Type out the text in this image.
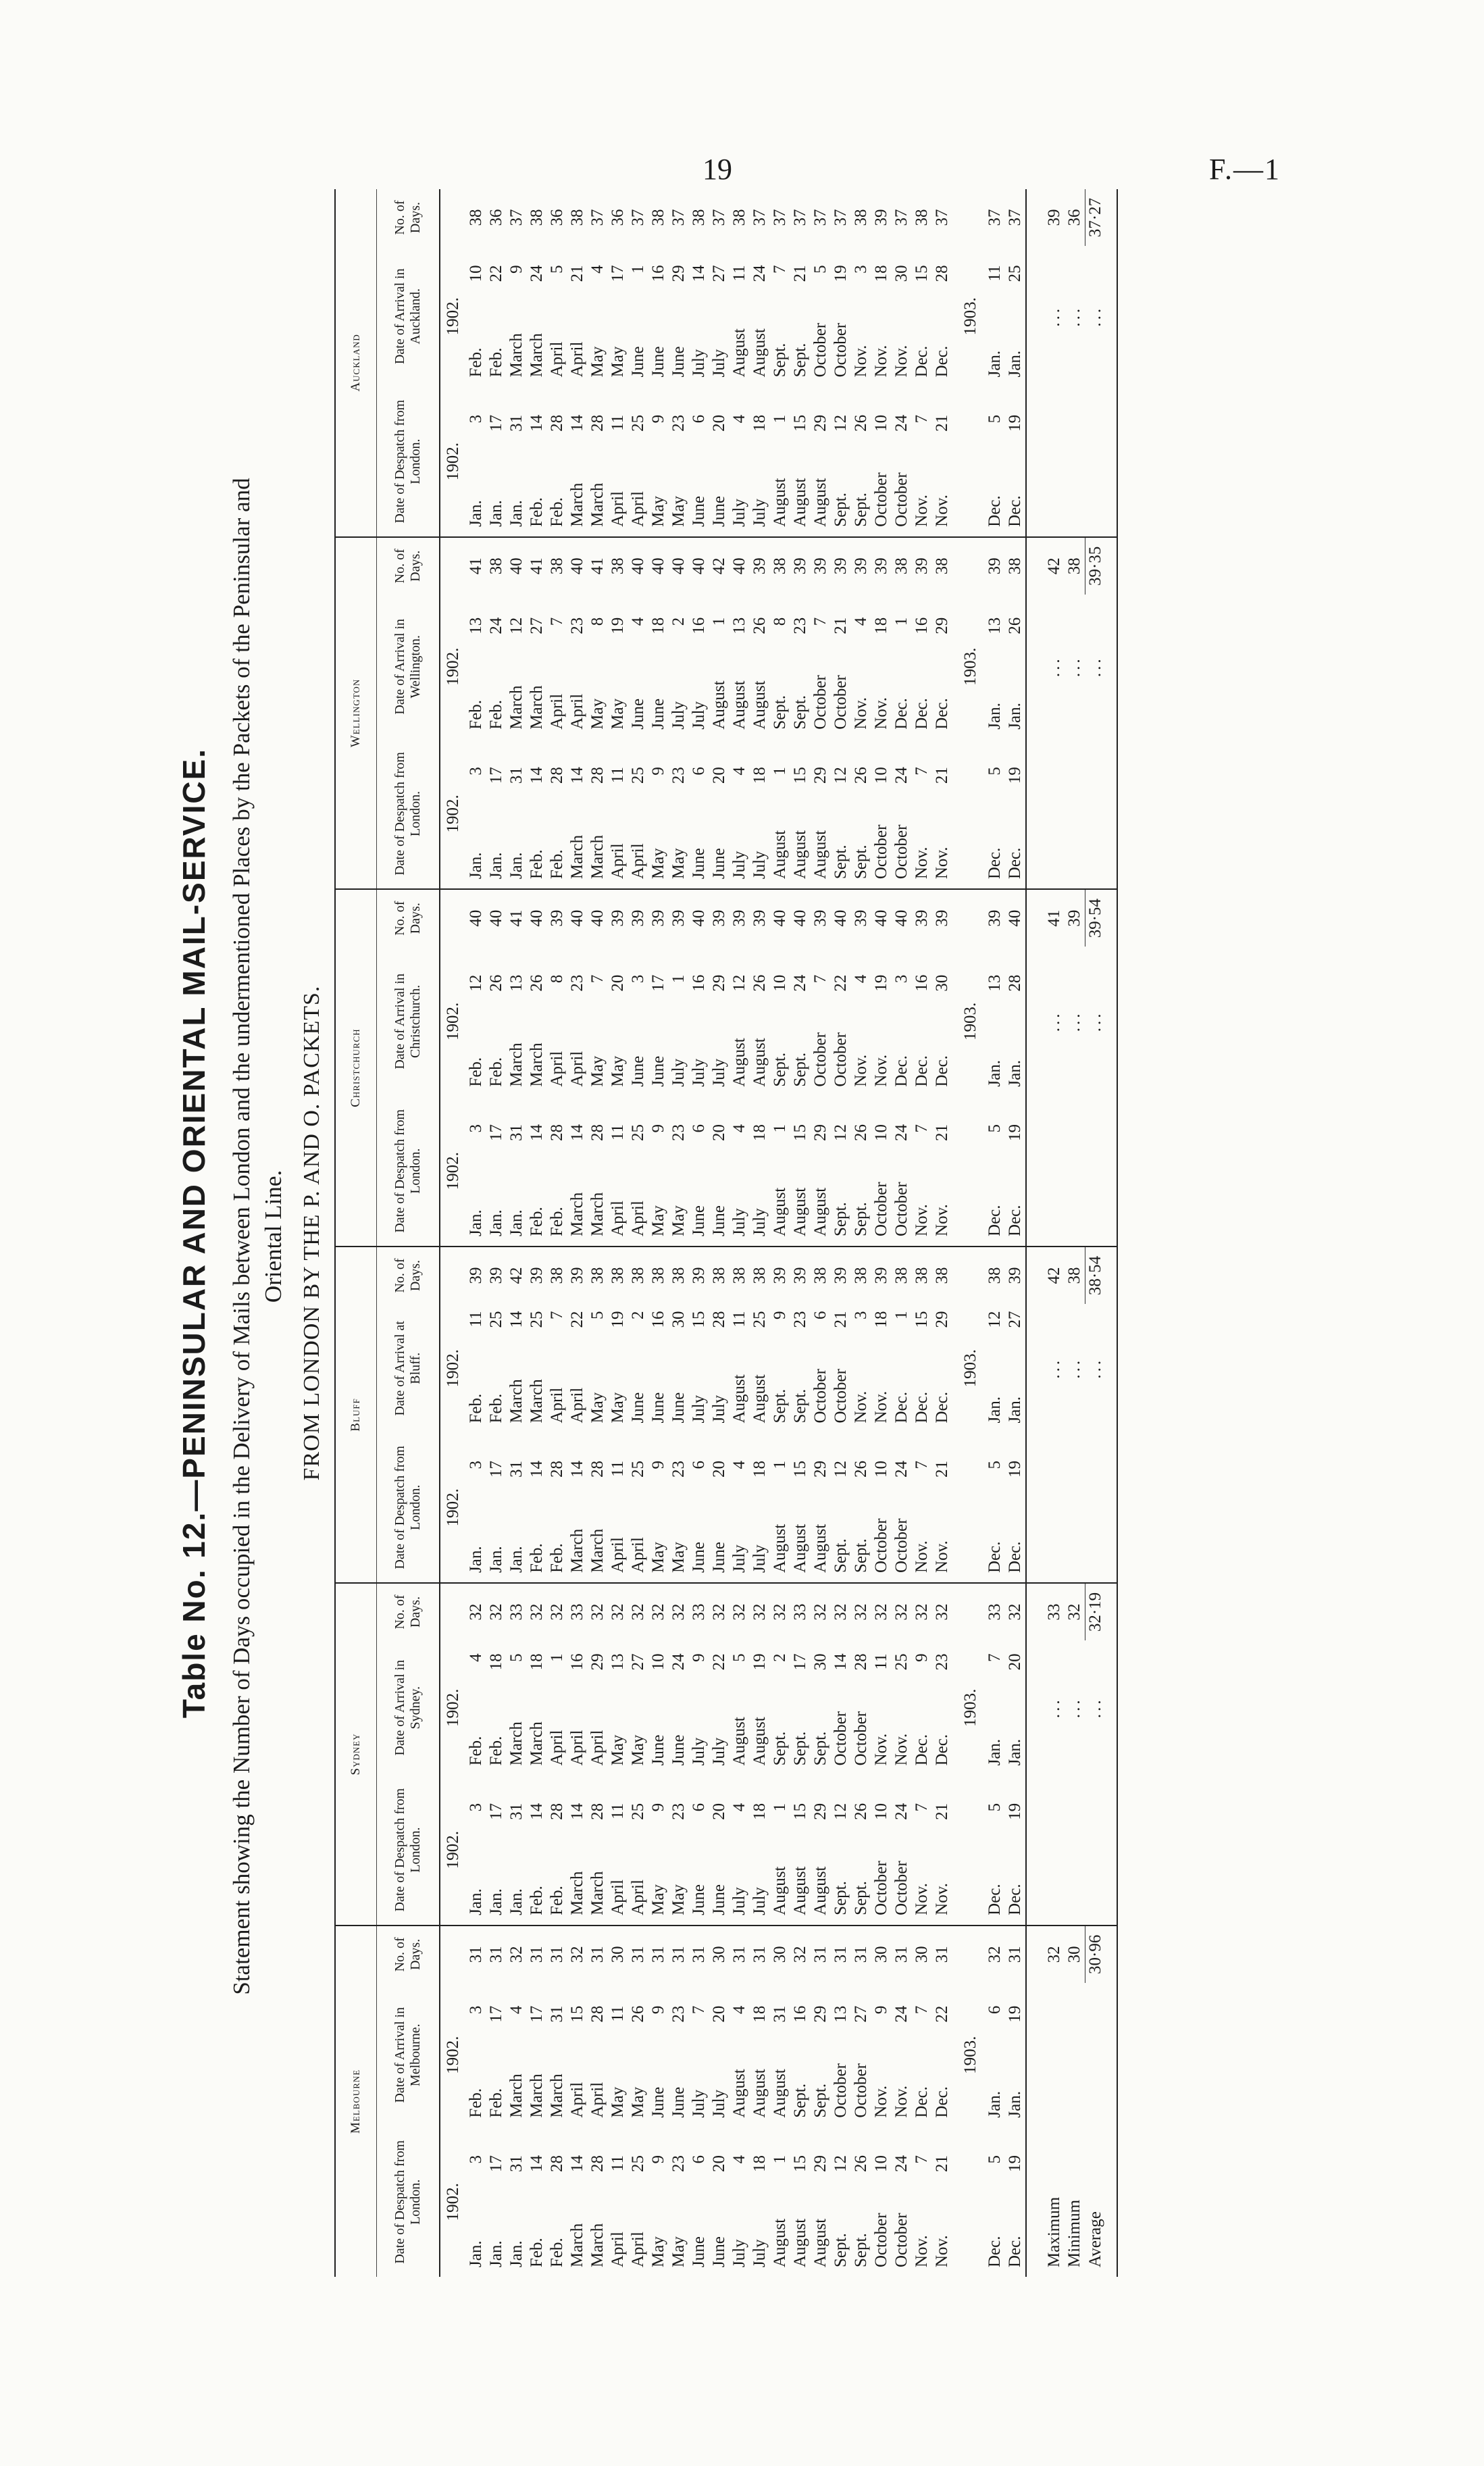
19	F.—1
Table No. 12.—PENINSULAR AND ORIENTAL MAIL-SERVICE. Statement showing the Number of Days occupied in the Delivery of Mails between London and the undermentioned Places by the Packets of the Peninsular and Oriental Line. FROM LONDON BY THE P. AND O. PACKETS.
Melbourne			Sydney			Bluff			Christchurch			Wellington			Auckland		
Date of Despatch from London.	Date of Arrival in Melbourne.	No. of Days.	Date of Despatch from London.	Date of Arrival in Sydney.	No. of Days.	Date of Despatch from London.	Date of Arrival at Bluff.	No. of Days.	Date of Despatch from London.	Date of Arrival in Christchurch.	No. of Days.	Date of Despatch from London.	Date of Arrival in Wellington.	No. of Days.	Date of Despatch from London.	Date of Arrival in Auckland.	No. of Days.
1902.	1902.		1902.	1902.		1902.	1902.		1902.	1902.		1902.	1902.		1902.	1902.	
Jan.3	Feb.3	31	Jan.3	Feb.4	32	Jan.3	Feb.11	39	Jan.3	Feb.12	40	Jan.3	Feb.13	41	Jan.3	Feb.10	38
Jan.17	Feb.17	31	Jan.17	Feb.18	32	Jan.17	Feb.25	39	Jan.17	Feb.26	40	Jan.17	Feb.24	38	Jan.17	Feb.22	36
Jan.31	March4	32	Jan.31	March5	33	Jan.31	March14	42	Jan.31	March13	41	Jan.31	March12	40	Jan.31	March9	37
Feb.14	March17	31	Feb.14	March18	32	Feb.14	March25	39	Feb.14	March26	40	Feb.14	March27	41	Feb.14	March24	38
Feb.28	March31	31	Feb.28	April1	32	Feb.28	April7	38	Feb.28	April8	39	Feb.28	April7	38	Feb.28	April5	36
March14	April15	32	March14	April16	33	March14	April22	39	March14	April23	40	March14	April23	40	March14	April21	38
March28	April28	31	March28	April29	32	March28	May5	38	March28	May7	40	March28	May8	41	March28	May4	37
April11	May11	30	April11	May13	32	April11	May19	38	April11	May20	39	April11	May19	38	April11	May17	36
April25	May26	31	April25	May27	32	April25	June2	38	April25	June3	39	April25	June4	40	April25	June1	37
May9	June9	31	May9	June10	32	May9	June16	38	May9	June17	39	May9	June18	40	May9	June16	38
May23	June23	31	May23	June24	32	May23	June30	38	May23	July1	39	May23	July2	40	May23	June29	37
June6	July7	31	June6	July9	33	June6	July15	39	June6	July16	40	June6	July16	40	June6	July14	38
June20	July20	30	June20	July22	32	June20	July28	38	June20	July29	39	June20	August1	42	June20	July27	37
July4	August4	31	July4	August5	32	July4	August11	38	July4	August12	39	July4	August13	40	July4	August11	38
July18	August18	31	July18	August19	32	July18	August25	38	July18	August26	39	July18	August26	39	July18	August24	37
August1	August31	30	August1	Sept.2	32	August1	Sept.9	39	August1	Sept.10	40	August1	Sept.8	38	August1	Sept.7	37
August15	Sept.16	32	August15	Sept.17	33	August15	Sept.23	39	August15	Sept.24	40	August15	Sept.23	39	August15	Sept.21	37
August29	Sept.29	31	August29	Sept.30	32	August29	October6	38	August29	October7	39	August29	October7	39	August29	October5	37
Sept.12	October13	31	Sept.12	October14	32	Sept.12	October21	39	Sept.12	October22	40	Sept.12	October21	39	Sept.12	October19	37
Sept.26	October27	31	Sept.26	October28	32	Sept.26	Nov.3	38	Sept.26	Nov.4	39	Sept.26	Nov.4	39	Sept.26	Nov.3	38
October10	Nov.9	30	October10	Nov.11	32	October10	Nov.18	39	October10	Nov.19	40	October10	Nov.18	39	October10	Nov.18	39
October24	Nov.24	31	October24	Nov.25	32	October24	Dec.1	38	October24	Dec.3	40	October24	Dec.1	38	October24	Nov.30	37
Nov.7	Dec.7	30	Nov.7	Dec.9	32	Nov.7	Dec.15	38	Nov.7	Dec.16	39	Nov.7	Dec.16	39	Nov.7	Dec.15	38
Nov.21	Dec.22	31	Nov.21	Dec.23	32	Nov.21	Dec.29	38	Nov.21	Dec.30	39	Nov.21	Dec.29	38	Nov.21	Dec.28	37
	1903.			1903.			1903.			1903.			1903.			1903.	
Dec.5	Jan.6	32	Dec.5	Jan.7	33	Dec.5	Jan.12	38	Dec.5	Jan.13	39	Dec.5	Jan.13	39	Dec.5	Jan.11	37
Dec.19	Jan.19	31	Dec.19	Jan.20	32	Dec.19	Jan.27	39	Dec.19	Jan.28	40	Dec.19	Jan.26	38	Dec.19	Jan.25	37
Maximum		32		...	33		...	42		...	41		...	42		...	39
Minimum		30		...	32		...	38		...	39		...	38		...	36
Average		30·96		...	32·19		...	38·54		...	39·54		...	39·35		...	37·27
